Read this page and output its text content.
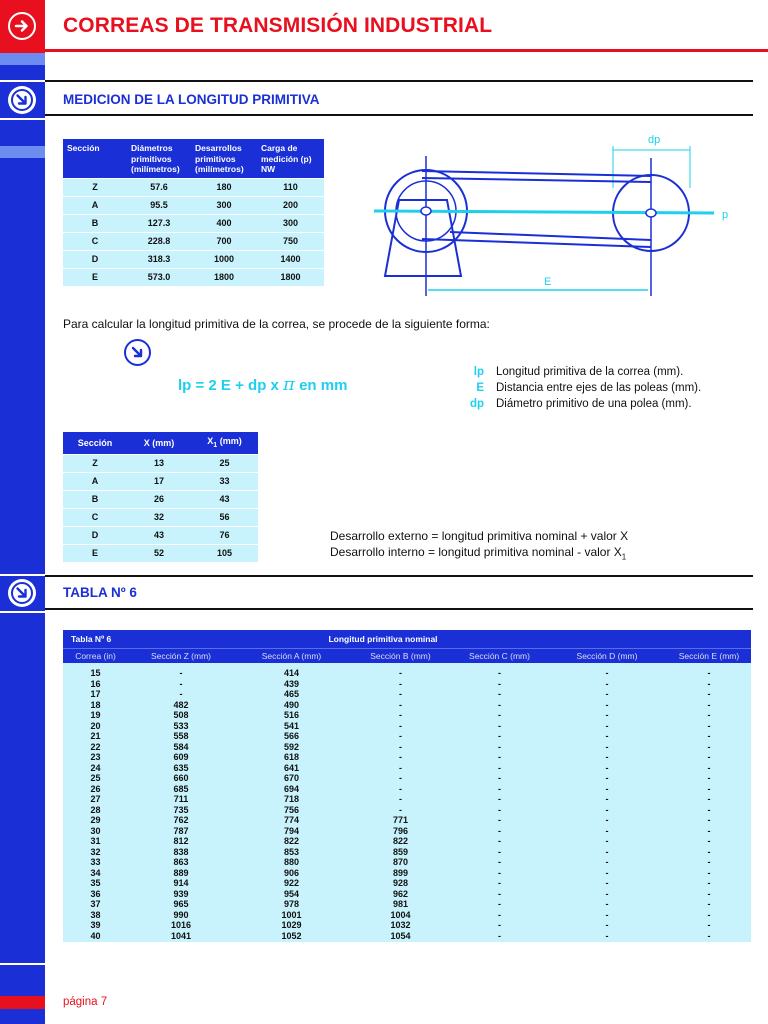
CORREAS DE TRANSMISIÓN INDUSTRIAL
MEDICION DE LA LONGITUD PRIMITIVA
Sección	Diámetros primitivos (milímetros)	Desarrollos primitivos (milímetros)	Carga de medición (p) NW
Z	57.6	180	110
A	95.5	300	200
B	127.3	400	300
C	228.8	700	750
D	318.3	1000	1400
E	573.0	1800	1800
dp
p
E
Para calcular la longitud primitiva de la correa, se procede de la siguiente forma:
lp = 2 E + dp x π en mm
lp Longitud primitiva de la correa (mm).
E Distancia entre ejes de las poleas (mm).
dp Diámetro primitivo de una polea (mm).
Sección	X (mm)	$X_1$ (mm)
Z	13	25
A	17	33
B	26	43
C	32	56
D	43	76
E	52	105
Desarrollo externo = longitud primitiva nominal + valor X
Desarrollo interno = longitud primitiva nominal - valor $X_1$
TABLA Nº 6
Tabla Nº 6	Longitud primitiva nominal
Correa (in)	Sección Z (mm)	Sección A (mm)	Sección B (mm)	Sección C (mm)	Sección D (mm)	Sección E (mm)
15	-	414	-	-	-	-
16	-	439	-	-	-	-
17	-	465	-	-	-	-
18	482	490	-	-	-	-
19	508	516	-	-	-	-
20	533	541	-	-	-	-
21	558	566	-	-	-	-
22	584	592	-	-	-	-
23	609	618	-	-	-	-
24	635	641	-	-	-	-
25	660	670	-	-	-	-
26	685	694	-	-	-	-
27	711	718	-	-	-	-
28	735	756	-	-	-	-
29	762	774	771	-	-	-
30	787	794	796	-	-	-
31	812	822	822	-	-	-
32	838	853	859	-	-	-
33	863	880	870	-	-	-
34	889	906	899	-	-	-
35	914	922	928	-	-	-
36	939	954	962	-	-	-
37	965	978	981	-	-	-
38	990	1001	1004	-	-	-
39	1016	1029	1032	-	-	-
40	1041	1052	1054	-	-	-
página 7
